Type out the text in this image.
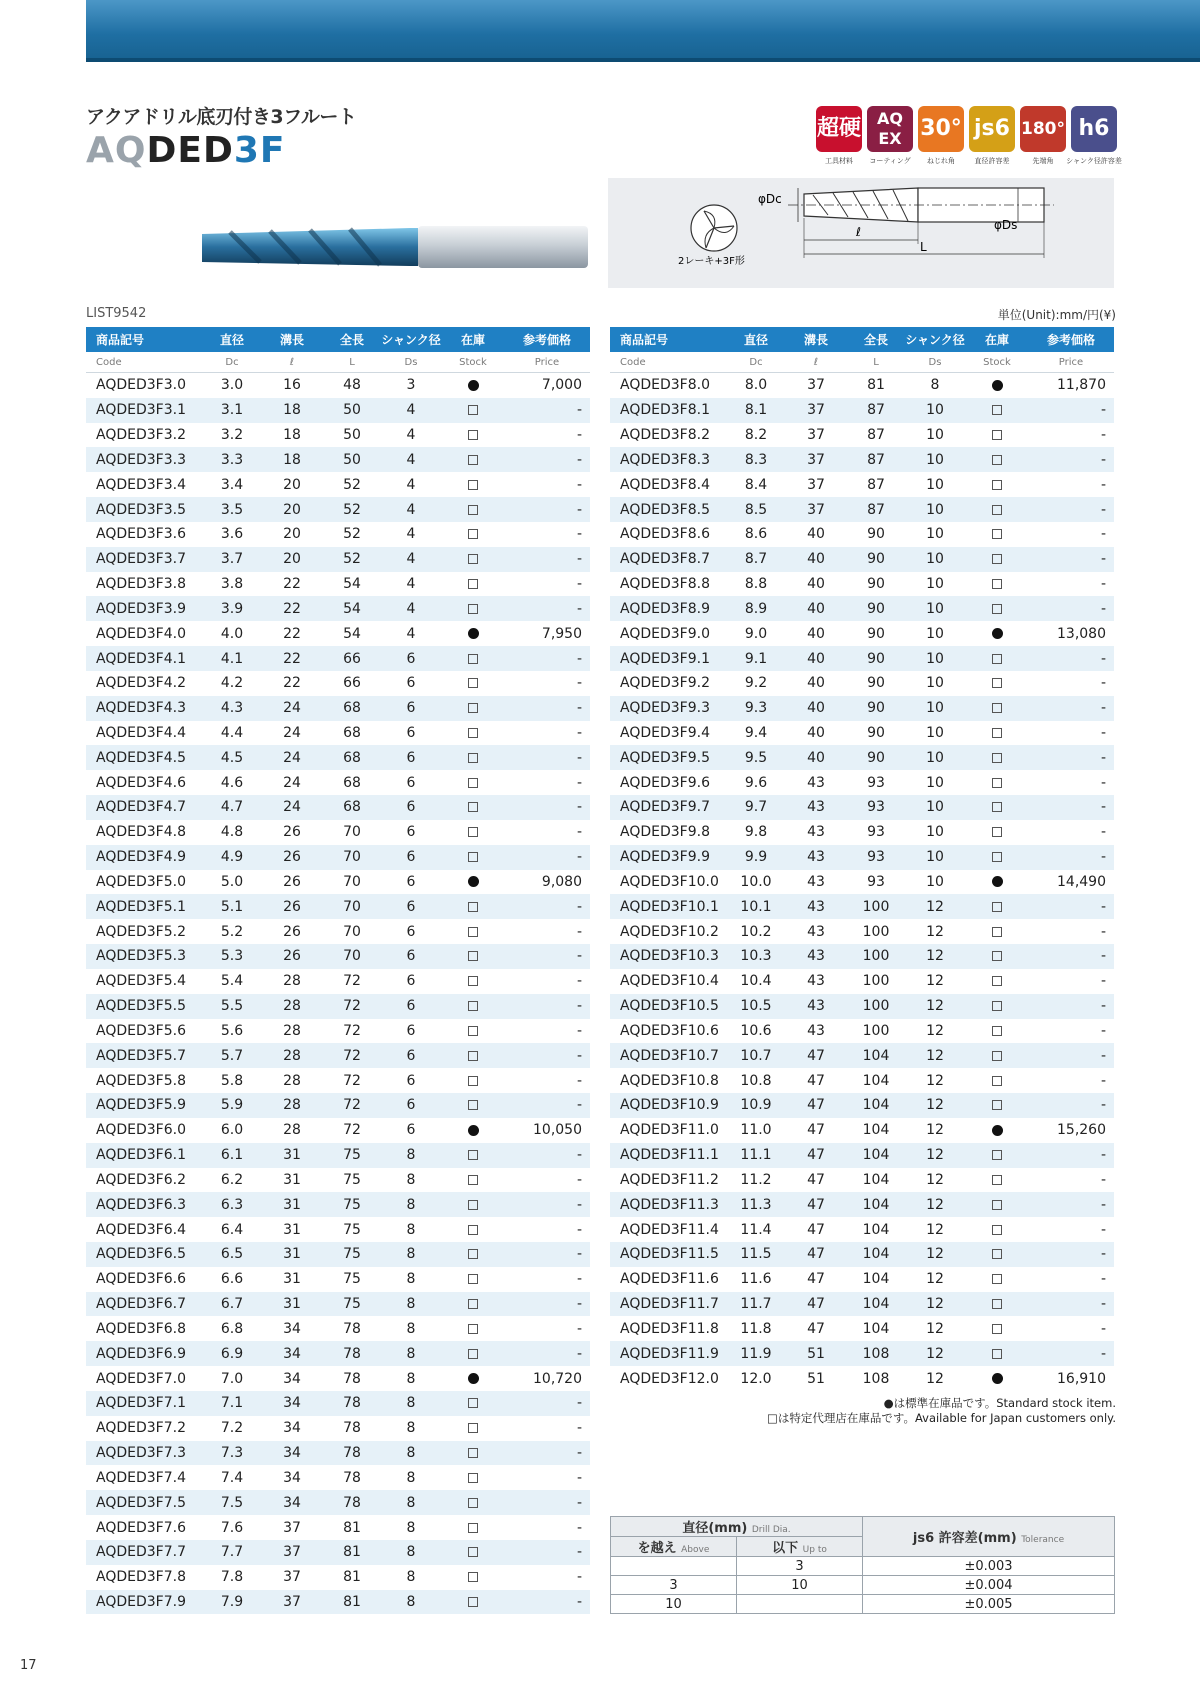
アクアドリル底刃付き3フルート
AQDED3F
超硬
工具材料
AQ EX
コーティング
30°
ねじれ角
js6
直径許容差
180°
先端角
h6
シャンク径許容差
φDc
φDs
ℓ
L
2レーキ+3F形
LIST9542	単位(Unit):mm/円(¥)
商品記号	直径	溝長	全長	シャンク径	在庫	参考価格
Code	Dc	ℓ	L	Ds	Stock	Price
AQDED3F3.0	3.0	16	48	3		7,000
AQDED3F3.1	3.1	18	50	4		-
AQDED3F3.2	3.2	18	50	4		-
AQDED3F3.3	3.3	18	50	4		-
AQDED3F3.4	3.4	20	52	4		-
AQDED3F3.5	3.5	20	52	4		-
AQDED3F3.6	3.6	20	52	4		-
AQDED3F3.7	3.7	20	52	4		-
AQDED3F3.8	3.8	22	54	4		-
AQDED3F3.9	3.9	22	54	4		-
AQDED3F4.0	4.0	22	54	4		7,950
AQDED3F4.1	4.1	22	66	6		-
AQDED3F4.2	4.2	22	66	6		-
AQDED3F4.3	4.3	24	68	6		-
AQDED3F4.4	4.4	24	68	6		-
AQDED3F4.5	4.5	24	68	6		-
AQDED3F4.6	4.6	24	68	6		-
AQDED3F4.7	4.7	24	68	6		-
AQDED3F4.8	4.8	26	70	6		-
AQDED3F4.9	4.9	26	70	6		-
AQDED3F5.0	5.0	26	70	6		9,080
AQDED3F5.1	5.1	26	70	6		-
AQDED3F5.2	5.2	26	70	6		-
AQDED3F5.3	5.3	26	70	6		-
AQDED3F5.4	5.4	28	72	6		-
AQDED3F5.5	5.5	28	72	6		-
AQDED3F5.6	5.6	28	72	6		-
AQDED3F5.7	5.7	28	72	6		-
AQDED3F5.8	5.8	28	72	6		-
AQDED3F5.9	5.9	28	72	6		-
AQDED3F6.0	6.0	28	72	6		10,050
AQDED3F6.1	6.1	31	75	8		-
AQDED3F6.2	6.2	31	75	8		-
AQDED3F6.3	6.3	31	75	8		-
AQDED3F6.4	6.4	31	75	8		-
AQDED3F6.5	6.5	31	75	8		-
AQDED3F6.6	6.6	31	75	8		-
AQDED3F6.7	6.7	31	75	8		-
AQDED3F6.8	6.8	34	78	8		-
AQDED3F6.9	6.9	34	78	8		-
AQDED3F7.0	7.0	34	78	8		10,720
AQDED3F7.1	7.1	34	78	8		-
AQDED3F7.2	7.2	34	78	8		-
AQDED3F7.3	7.3	34	78	8		-
AQDED3F7.4	7.4	34	78	8		-
AQDED3F7.5	7.5	34	78	8		-
AQDED3F7.6	7.6	37	81	8		-
AQDED3F7.7	7.7	37	81	8		-
AQDED3F7.8	7.8	37	81	8		-
AQDED3F7.9	7.9	37	81	8		-
商品記号	直径	溝長	全長	シャンク径	在庫	参考価格
Code	Dc	ℓ	L	Ds	Stock	Price
AQDED3F8.0	8.0	37	81	8		11,870
AQDED3F8.1	8.1	37	87	10		-
AQDED3F8.2	8.2	37	87	10		-
AQDED3F8.3	8.3	37	87	10		-
AQDED3F8.4	8.4	37	87	10		-
AQDED3F8.5	8.5	37	87	10		-
AQDED3F8.6	8.6	40	90	10		-
AQDED3F8.7	8.7	40	90	10		-
AQDED3F8.8	8.8	40	90	10		-
AQDED3F8.9	8.9	40	90	10		-
AQDED3F9.0	9.0	40	90	10		13,080
AQDED3F9.1	9.1	40	90	10		-
AQDED3F9.2	9.2	40	90	10		-
AQDED3F9.3	9.3	40	90	10		-
AQDED3F9.4	9.4	40	90	10		-
AQDED3F9.5	9.5	40	90	10		-
AQDED3F9.6	9.6	43	93	10		-
AQDED3F9.7	9.7	43	93	10		-
AQDED3F9.8	9.8	43	93	10		-
AQDED3F9.9	9.9	43	93	10		-
AQDED3F10.0	10.0	43	93	10		14,490
AQDED3F10.1	10.1	43	100	12		-
AQDED3F10.2	10.2	43	100	12		-
AQDED3F10.3	10.3	43	100	12		-
AQDED3F10.4	10.4	43	100	12		-
AQDED3F10.5	10.5	43	100	12		-
AQDED3F10.6	10.6	43	100	12		-
AQDED3F10.7	10.7	47	104	12		-
AQDED3F10.8	10.8	47	104	12		-
AQDED3F10.9	10.9	47	104	12		-
AQDED3F11.0	11.0	47	104	12		15,260
AQDED3F11.1	11.1	47	104	12		-
AQDED3F11.2	11.2	47	104	12		-
AQDED3F11.3	11.3	47	104	12		-
AQDED3F11.4	11.4	47	104	12		-
AQDED3F11.5	11.5	47	104	12		-
AQDED3F11.6	11.6	47	104	12		-
AQDED3F11.7	11.7	47	104	12		-
AQDED3F11.8	11.8	47	104	12		-
AQDED3F11.9	11.9	51	108	12		-
AQDED3F12.0	12.0	51	108	12		16,910
●は標準在庫品です。Standard stock item.
□は特定代理店在庫品です。Available for Japan customers only.
直径(mm) Drill Dia.		js6 許容差(mm) Tolerance
を越え Above	以下 Up to	
	3	±0.003
3	10	±0.004
10		±0.005
17
